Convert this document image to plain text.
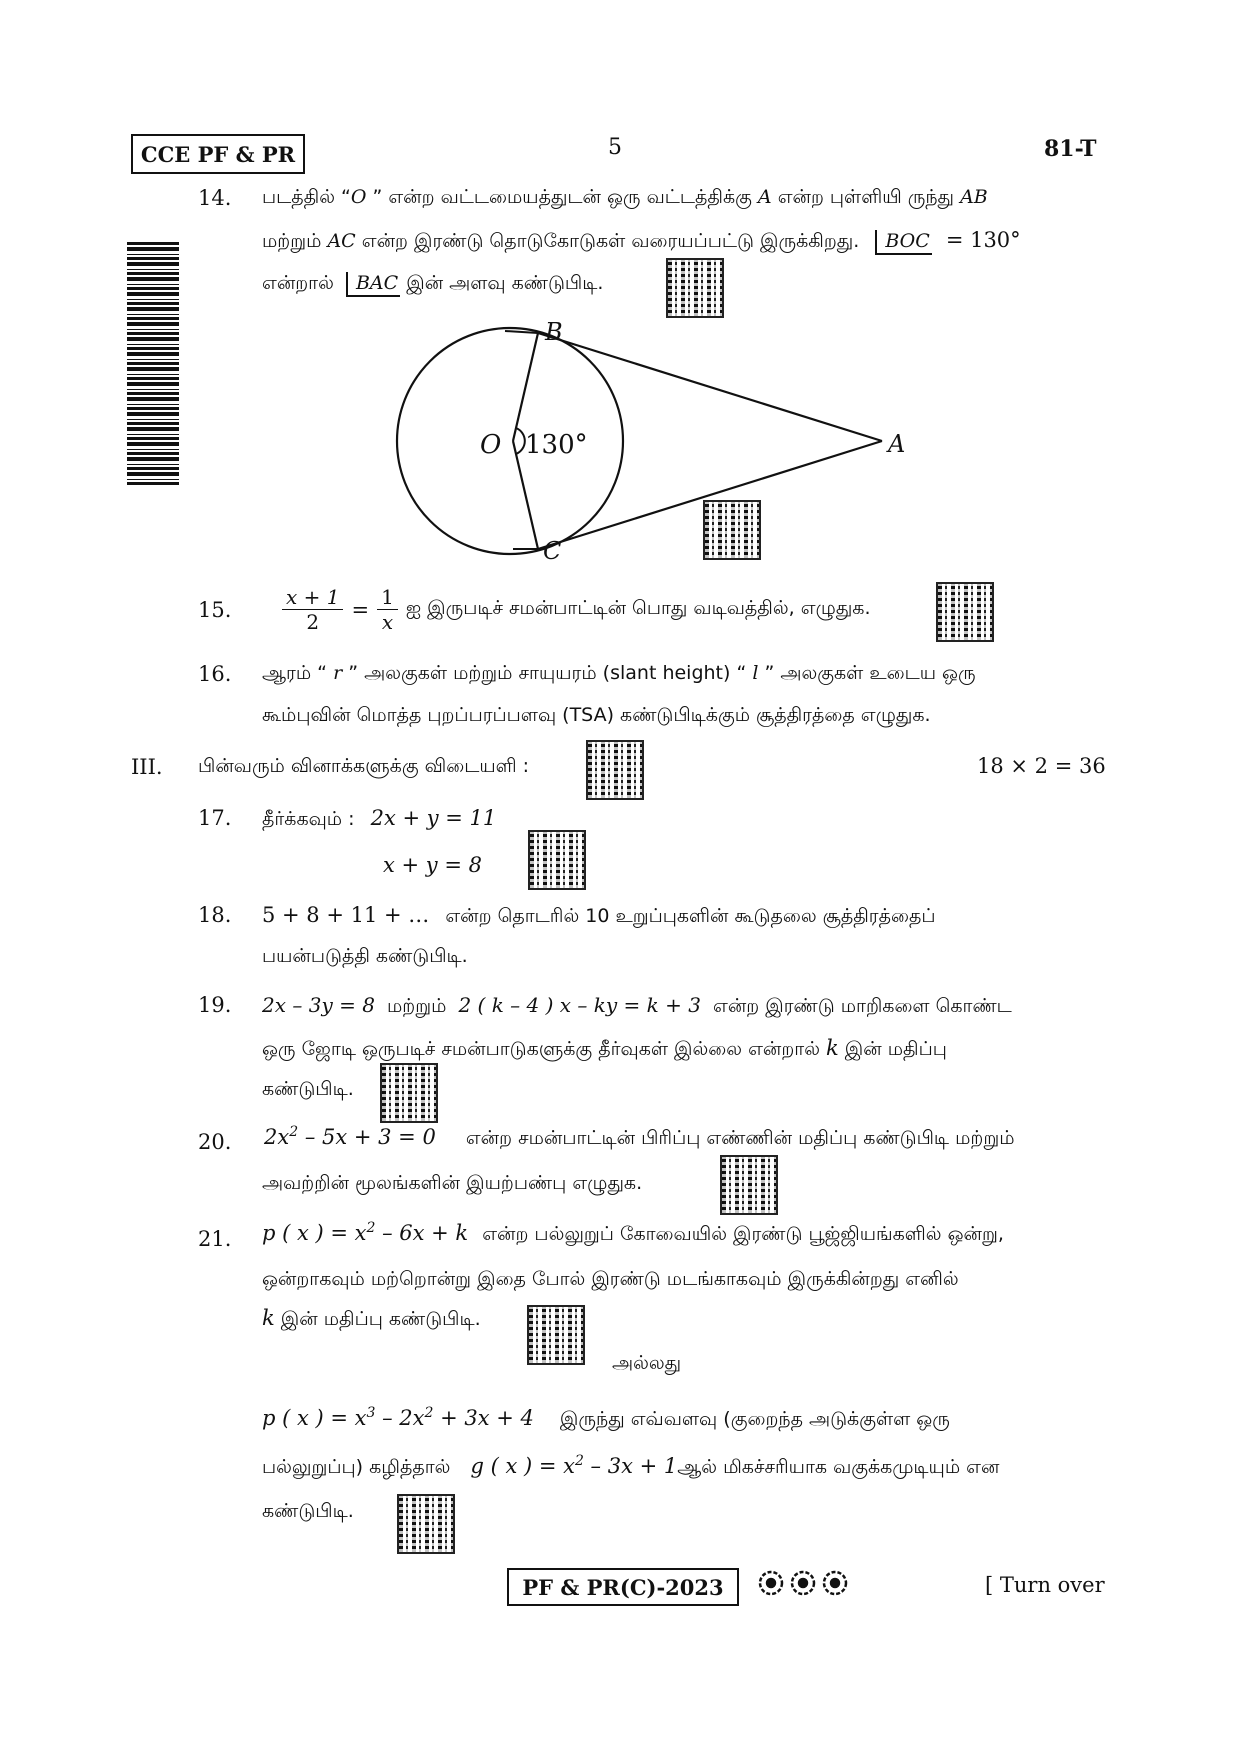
CCE PF & PR	5	81-T
14. படத்தில் “O ” என்ற வட்டமையத்துடன் ஒரு வட்டத்திக்கு A என்ற புள்ளியி ருந்து AB
மற்றும் AC என்ற இரண்டு தொடுகோடுகள் வரையப்பட்டு இருக்கிறது. BOC = 130°
என்றால் BAC இன் அளவு கண்டுபிடி.
B
O 130°	A
C
15.	$\frac{x + 1}{2} = \frac{1}{x}$ ஐ இருபடிச் சமன்பாட்டின் பொது வடிவத்தில், எழுதுக.
16. ஆரம் “ r ” அலகுகள் மற்றும் சாயுயரம் (slant height) “ l ” அலகுகள் உடைய ஒரு
கூம்புவின் மொத்த புறப்பரப்பளவு (TSA) கண்டுபிடிக்கும் சூத்திரத்தை எழுதுக.
III. பின்வரும் வினாக்களுக்கு விடையளி :	18 × 2 = 36
17. தீர்க்கவும் : 2x + y = 11
x + y = 8
18. 5 + 8 + 11 + … என்ற தொடரில் 10 உறுப்புகளின் கூடுதலை சூத்திரத்தைப்
பயன்படுத்தி கண்டுபிடி.
19. 2x – 3y = 8 மற்றும் 2 ( k – 4 ) x – ky = k + 3 என்ற இரண்டு மாறிகளை கொண்ட
ஒரு ஜோடி ஒருபடிச் சமன்பாடுகளுக்கு தீர்வுகள் இல்லை என்றால் k இன் மதிப்பு
கண்டுபிடி.
20. $2x^2 - 5x + 3 = 0$ என்ற சமன்பாட்டின் பிரிப்பு எண்ணின் மதிப்பு கண்டுபிடி மற்றும்
அவற்றின் மூலங்களின் இயற்பண்பு எழுதுக.
21. p ( x ) = $x^2 - 6x + k$ என்ற பல்லுறுப் கோவையில் இரண்டு பூஜ்ஜியங்களில் ஒன்று,
ஒன்றாகவும் மற்றொன்று இதை போல் இரண்டு மடங்காகவும் இருக்கின்றது எனில்
k இன் மதிப்பு கண்டுபிடி.
அல்லது
p ( x ) = $x^3 - 2x^2 + 3x + 4$ இருந்து எவ்வளவு (குறைந்த அடுக்குள்ள ஒரு
பல்லுறுப்பு) கழித்தால் g ( x ) = $x^2 - 3x$ + 1ஆல் மிகச்சரியாக வகுக்கமுடியும் என
கண்டுபிடி.
PF & PR(C)-2023	[ Turn over
